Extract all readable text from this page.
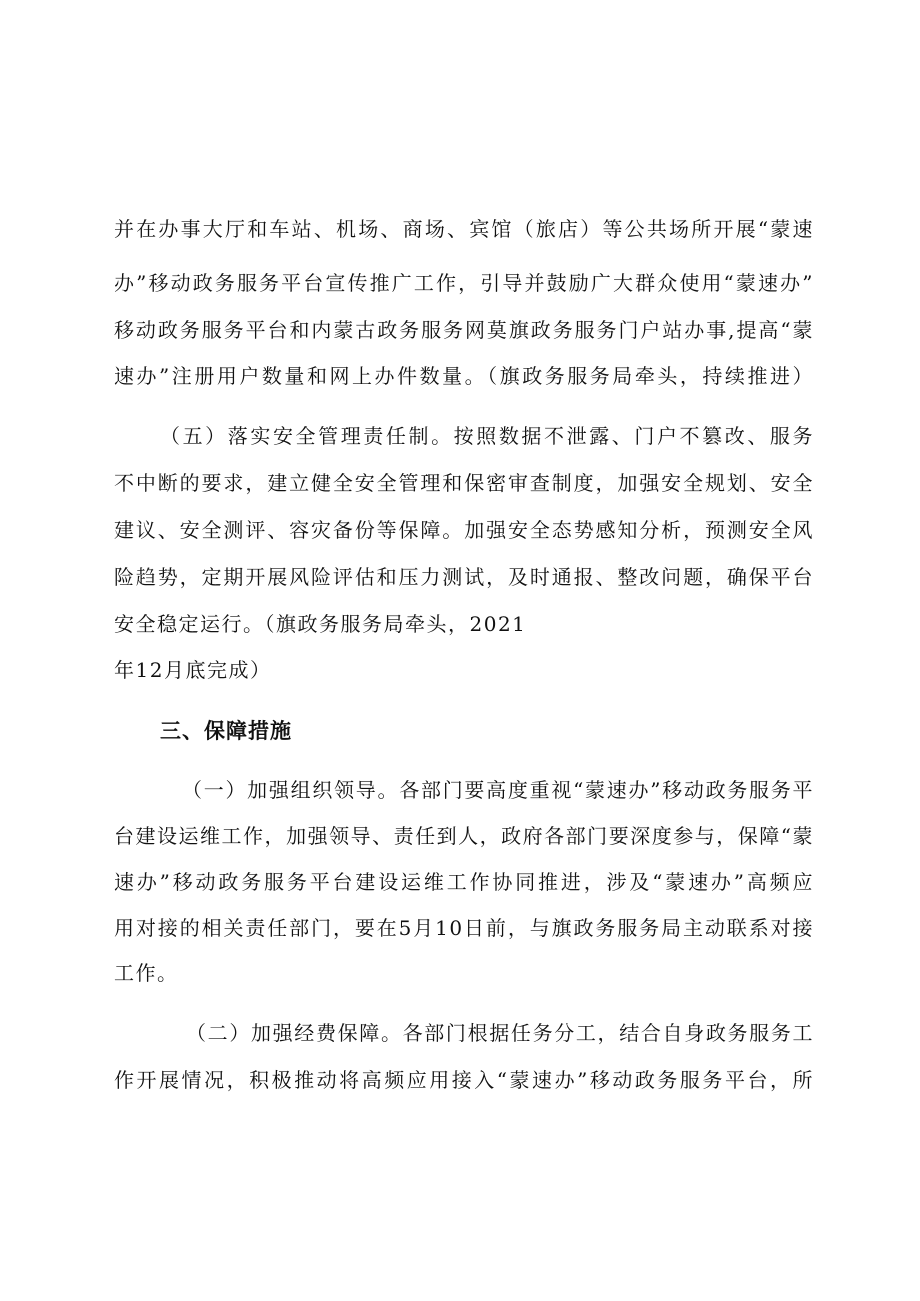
并在办事大厅和车站、机场、商场、宾馆（旅店）等公共场所开展“蒙速
办”移动政务服务平台宣传推广工作，引导并鼓励广大群众使用“蒙速办”
移动政务服务平台和内蒙古政务服务网莫旗政务服务门户站办事,提高“蒙
速办”注册用户数量和网上办件数量。（旗政务服务局牵头，持续推进）
（五）落实安全管理责任制。按照数据不泄露、门户不篡改、服务
不中断的要求，建立健全安全管理和保密审查制度，加强安全规划、安全
建议、安全测评、容灾备份等保障。加强安全态势感知分析，预测安全风
险趋势，定期开展风险评估和压力测试，及时通报、整改问题，确保平台
安全稳定运行。（旗政务服务局牵头，2021
年12月底完成）
三、保障措施
（一）加强组织领导。各部门要高度重视“蒙速办”移动政务服务平
台建设运维工作，加强领导、责任到人，政府各部门要深度参与，保障“蒙
速办”移动政务服务平台建设运维工作协同推进，涉及“蒙速办”高频应
用对接的相关责任部门，要在5月10日前，与旗政务服务局主动联系对接
工作。
（二）加强经费保障。各部门根据任务分工，结合自身政务服务工
作开展情况，积极推动将高频应用接入“蒙速办”移动政务服务平台，所
